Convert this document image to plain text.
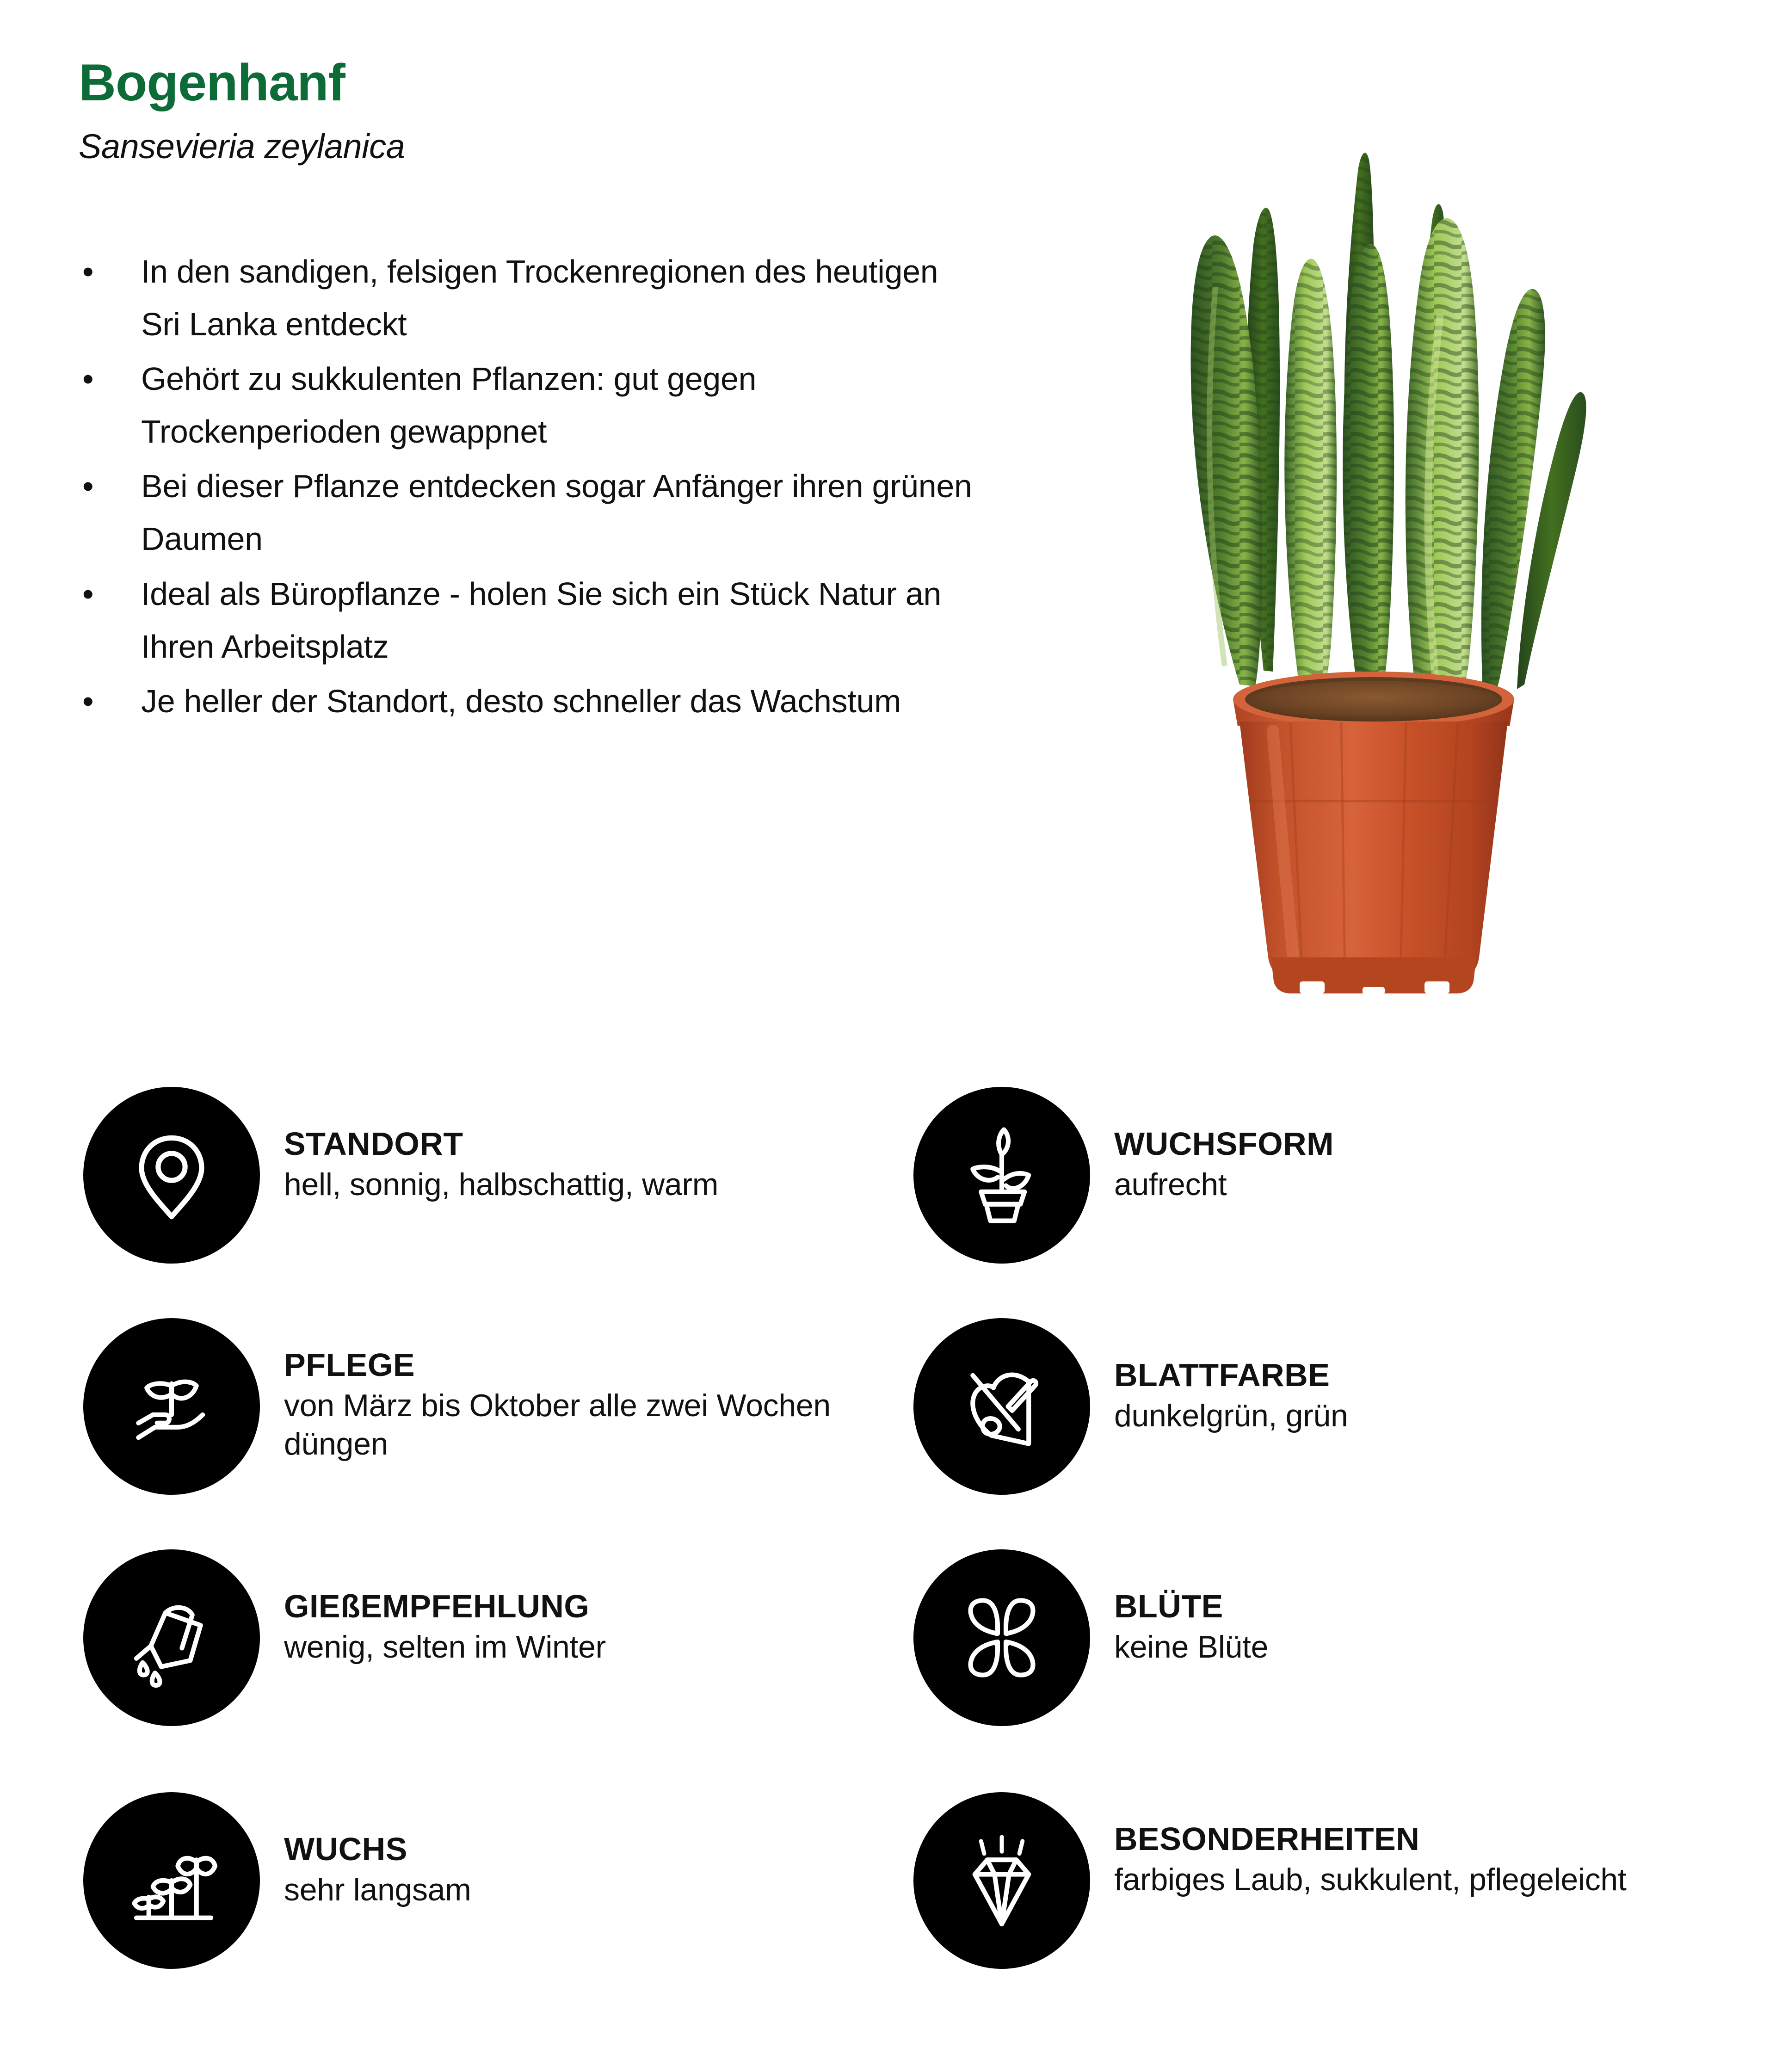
Bogenhanf
Sansevieria zeylanica
• In den sandigen, felsigen Trockenregionen des heutigen Sri Lanka entdeckt
• Gehört zu sukkulenten Pflanzen: gut gegen Trockenperioden gewappnet
• Bei dieser Pflanze entdecken sogar Anfänger ihren grünen Daumen
• Ideal als Büropflanze - holen Sie sich ein Stück Natur an Ihren Arbeitsplatz
• Je heller der Standort, desto schneller das Wachstum
STANDORT
hell, sonnig, halbschattig, warm
WUCHSFORM
aufrecht
PFLEGE
von März bis Oktober alle zwei Wochen düngen
BLATTFARBE
dunkelgrün, grün
GIEßEMPFEHLUNG
wenig, selten im Winter
BLÜTE
keine Blüte
WUCHS
sehr langsam
BESONDERHEITEN
farbiges Laub, sukkulent, pflegeleicht
